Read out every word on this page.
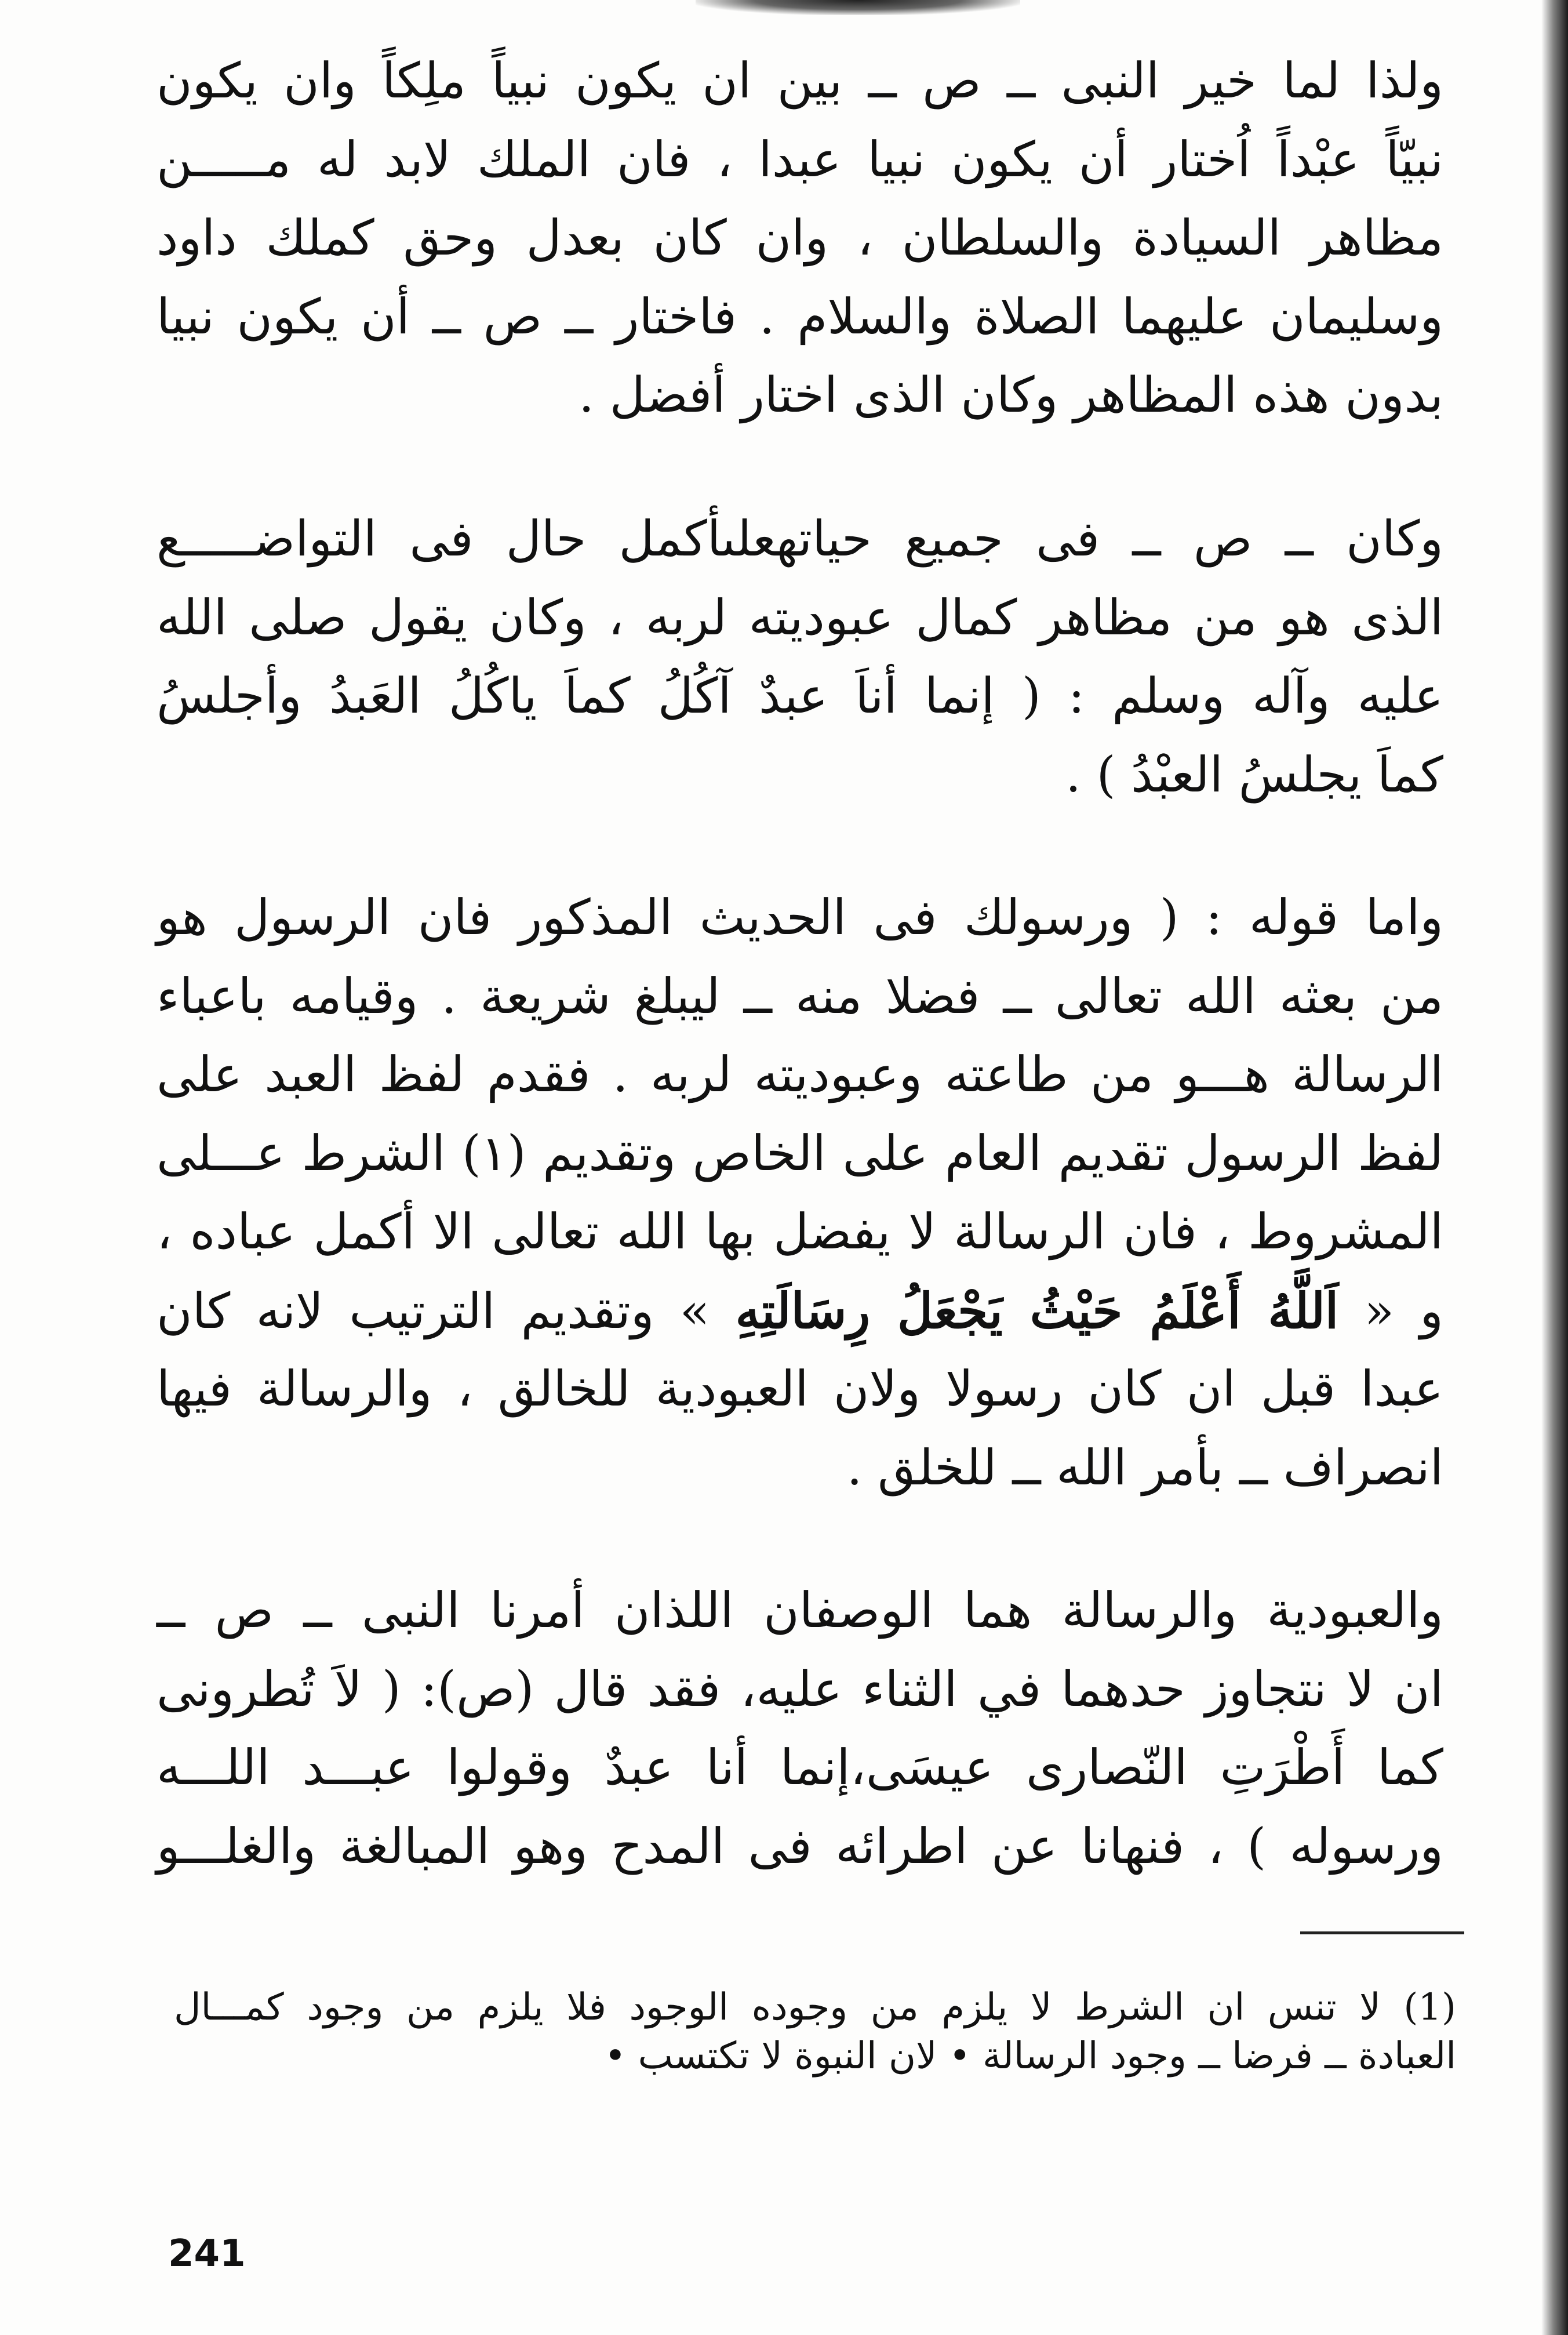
ولذا لما خير النبى ــ ص ــ بين ان يكون نبياً ملِكاً وان يكون
نبيّاً عبْداً اُختار أن يكون نبيا عبدا ، فان الملك لابد له مـــــن
مظاهر السيادة والسلطان ، وان كان بعدل وحق كملك داود
وسليمان عليهما الصلاة والسلام . فاختار ــ ص ــ أن يكون نبيا
بدون هذه المظاهر وكان الذى اختار أفضل .
وكان ــ ص ــ فى جميع حياتهعلىأكمل حال فى التواضـــــع
الذى هو من مظاهر كمال عبوديته لربه ، وكان يقول صلى الله
عليه وآله وسلم : ( إنما أناَ عبدٌ آكُلُ كماَ ياكُلُ العَبدُ وأجلسُ
كماَ يجلسُ العبْدُ ) .
واما قوله : ( ورسولك فى الحديث المذكور فان الرسول هو
من بعثه الله تعالى ــ فضلا منه ــ ليبلغ شريعة . وقيامه باعباء
الرسالة هـــو من طاعته وعبوديته لربه . فقدم لفظ العبد على
لفظ الرسول تقديم العام على الخاص وتقديم (١) الشرط عـــلى
المشروط ، فان الرسالة لا يفضل بها الله تعالى الا أكمل عباده ،
و « اَللَّهُ أَعْلَمُ حَيْثُ يَجْعَلُ رِسَالَتِهِ » وتقديم الترتيب لانه كان
عبدا قبل ان كان رسولا ولان العبودية للخالق ، والرسالة فيها
انصراف ــ بأمر الله ــ للخلق .
والعبودية والرسالة هما الوصفان اللذان أمرنا النبى ــ ص ــ
ان لا نتجاوز حدهما في الثناء عليه، فقد قال (ص): ( لاَ تُطرونى
كما أَطْرَتِ النّصارى عيسَى،إنما أنا عبدٌ وقولوا عبـــد اللـــه
ورسوله ) ، فنهانا عن اطرائه فى المدح وهو المبالغة والغلـــو
(1) لا تنس ان الشرط لا يلزم من وجوده الوجود فلا يلزم من وجود كمـــال
العبادة ــ فرضا ــ وجود الرسالة • لان النبوة لا تكتسب •
241
